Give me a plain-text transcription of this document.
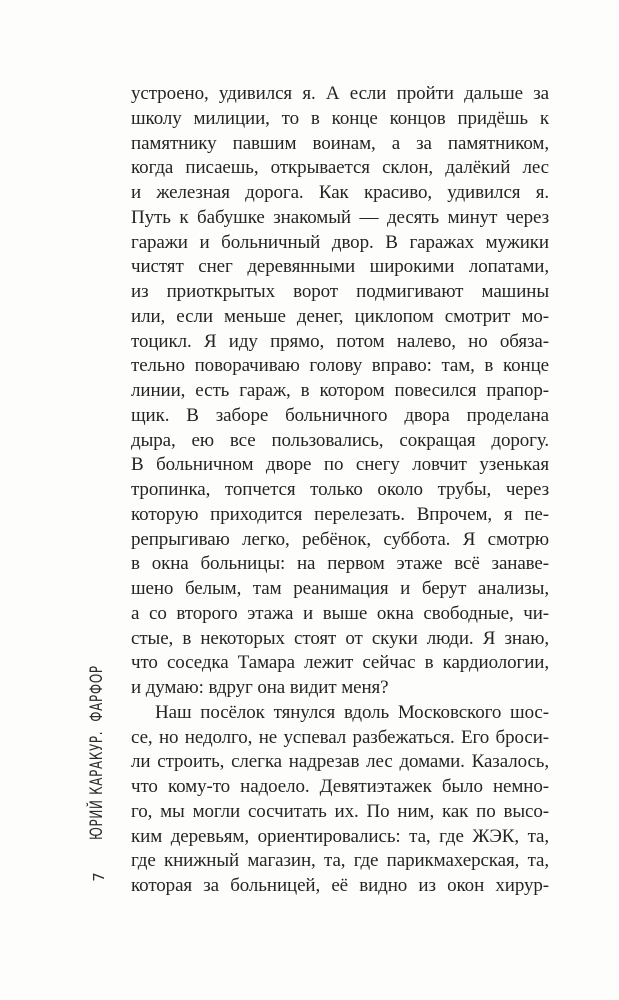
ЮРИЙ КАРАКУР.  ФАРФОР
7
устроено, удивился я. А если пройти дальше за
школу милиции, то в конце концов придёшь к
памятнику павшим воинам, а за памятником,
когда писаешь, открывается склон, далёкий лес
и железная дорога. Как красиво, удивился я.
Путь к бабушке знакомый — десять минут через
гаражи и больничный двор. В гаражах мужики
чистят снег деревянными широкими лопатами,
из приоткрытых ворот подмигивают машины
или, если меньше денег, циклопом смотрит мо-
тоцикл. Я иду прямо, потом налево, но обяза-
тельно поворачиваю голову вправо: там, в конце
линии, есть гараж, в котором повесился прапор-
щик. В заборе больничного двора проделана
дыра, ею все пользовались, сокращая дорогу.
В больничном дворе по снегу ловчит узенькая
тропинка, топчется только около трубы, через
которую приходится перелезать. Впрочем, я пе-
репрыгиваю легко, ребёнок, суббота. Я смотрю
в окна больницы: на первом этаже всё занаве-
шено белым, там реанимация и берут анализы,
а со второго этажа и выше окна свободные, чи-
стые, в некоторых стоят от скуки люди. Я знаю,
что соседка Тамара лежит сейчас в кардиологии,
и думаю: вдруг она видит меня?
Наш посёлок тянулся вдоль Московского шос-
се, но недолго, не успевал разбежаться. Его броси-
ли строить, слегка надрезав лес домами. Казалось,
что кому-то надоело. Девятиэтажек было немно-
го, мы могли сосчитать их. По ним, как по высо-
ким деревьям, ориентировались: та, где ЖЭК, та,
где книжный магазин, та, где парикмахерская, та,
которая за больницей, её видно из окон хирур-
